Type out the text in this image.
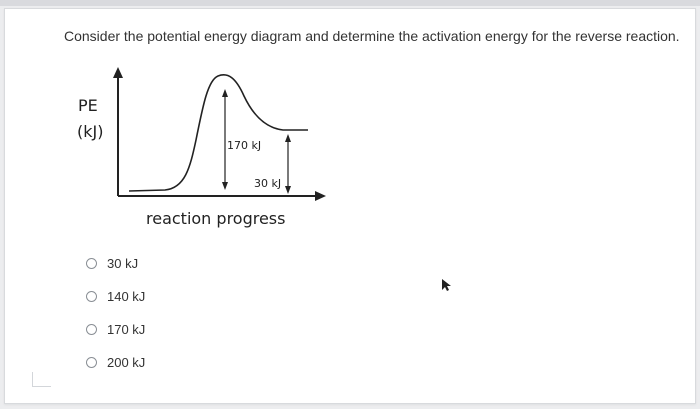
Consider the potential energy diagram and determine the activation energy for the reverse reaction.
PE
(kJ)
reaction progress
170 kJ
30 kJ
30 kJ
140 kJ
170 kJ
200 kJ
